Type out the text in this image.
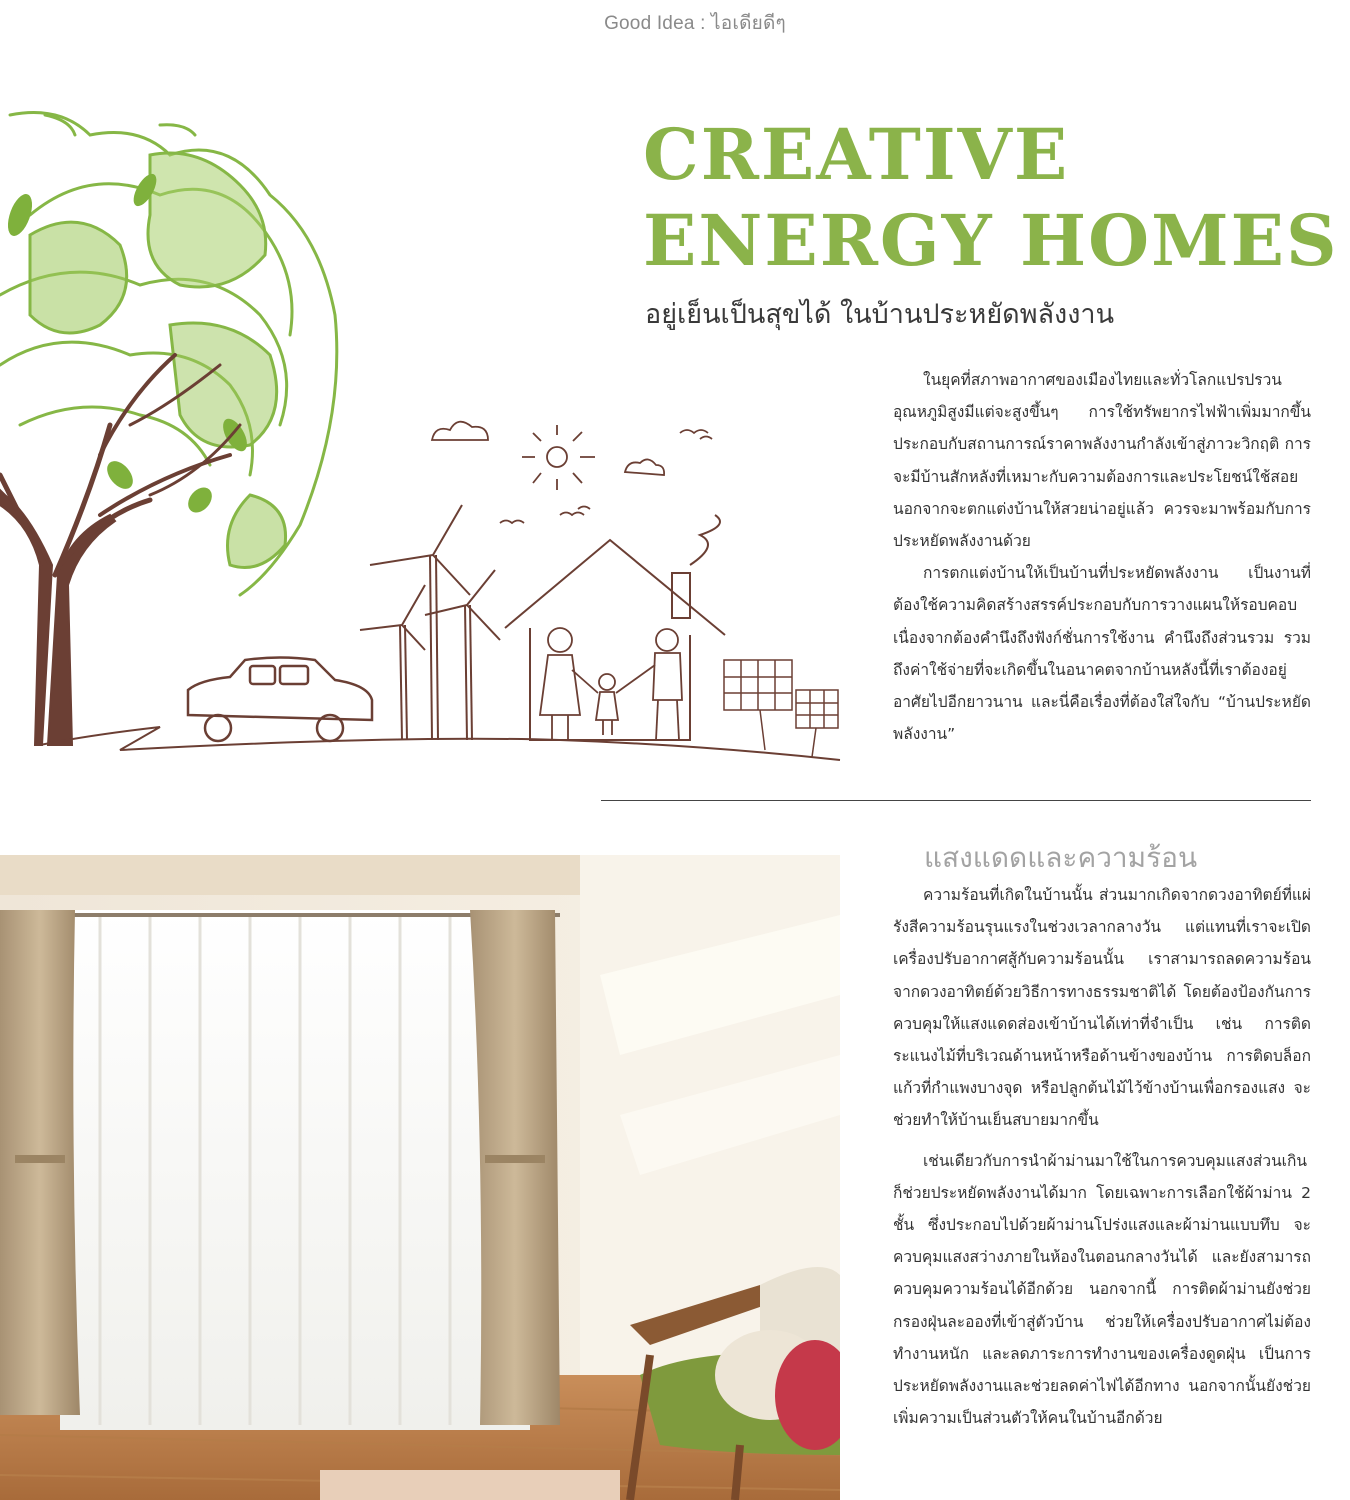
Good Idea : ไอเดียดีๆ
CREATIVE
ENERGY HOMES
อยู่เย็นเป็นสุขได้ ในบ้านประหยัดพลังงาน

ในยุคที่สภาพอากาศของเมืองไทยและทั่วโลกแปรปรวน อุณหภูมิสูงมีแต่จะสูงขึ้นๆ การใช้ทรัพยากรไฟฟ้าเพิ่มมากขึ้น ประกอบกับสถานการณ์ราคาพลังงานกำลังเข้าสู่ภาวะวิกฤติ การจะมีบ้านสักหลังที่เหมาะกับความต้องการและประโยชน์ใช้สอย นอกจากจะตกแต่งบ้านให้สวยน่าอยู่แล้ว ควรจะมาพร้อมกับการประหยัดพลังงานด้วย

การตกแต่งบ้านให้เป็นบ้านที่ประหยัดพลังงาน เป็นงานที่ต้องใช้ความคิดสร้างสรรค์ประกอบกับการวางแผนให้รอบคอบ เนื่องจากต้องคำนึงถึงฟังก์ชั่นการใช้งาน คำนึงถึงส่วนรวม รวมถึงค่าใช้จ่ายที่จะเกิดขึ้นในอนาคตจากบ้านหลังนี้ที่เราต้องอยู่อาศัยไปอีกยาวนาน และนี่คือเรื่องที่ต้องใส่ใจกับ “บ้านประหยัดพลังงาน”

แสงแดดและความร้อน

ความร้อนที่เกิดในบ้านนั้น ส่วนมากเกิดจากดวงอาทิตย์ที่แผ่รังสีความร้อนรุนแรงในช่วงเวลากลางวัน แต่แทนที่เราจะเปิดเครื่องปรับอากาศสู้กับความร้อนนั้น เราสามารถลดความร้อนจากดวงอาทิตย์ด้วยวิธีการทางธรรมชาติได้ โดยต้องป้องกันการควบคุมให้แสงแดดส่องเข้าบ้านได้เท่าที่จำเป็น เช่น การติดระแนงไม้ที่บริเวณด้านหน้าหรือด้านข้างของบ้าน การติดบล็อกแก้วที่กำแพงบางจุด หรือปลูกต้นไม้ไว้ข้างบ้านเพื่อกรองแสง จะช่วยทำให้บ้านเย็นสบายมากขึ้น

เช่นเดียวกับการนำผ้าม่านมาใช้ในการควบคุมแสงส่วนเกินก็ช่วยประหยัดพลังงานได้มาก โดยเฉพาะการเลือกใช้ผ้าม่าน 2 ชั้น ซึ่งประกอบไปด้วยผ้าม่านโปร่งแสงและผ้าม่านแบบทึบ จะควบคุมแสงสว่างภายในห้องในตอนกลางวันได้ และยังสามารถควบคุมความร้อนได้อีกด้วย นอกจากนี้ การติดผ้าม่านยังช่วยกรองฝุ่นละอองที่เข้าสู่ตัวบ้าน ช่วยให้เครื่องปรับอากาศไม่ต้องทำงานหนัก และลดภาระการทำงานของเครื่องดูดฝุ่น เป็นการประหยัดพลังงานและช่วยลดค่าไฟได้อีกทาง นอกจากนั้นยังช่วยเพิ่มความเป็นส่วนตัวให้คนในบ้านอีกด้วย
